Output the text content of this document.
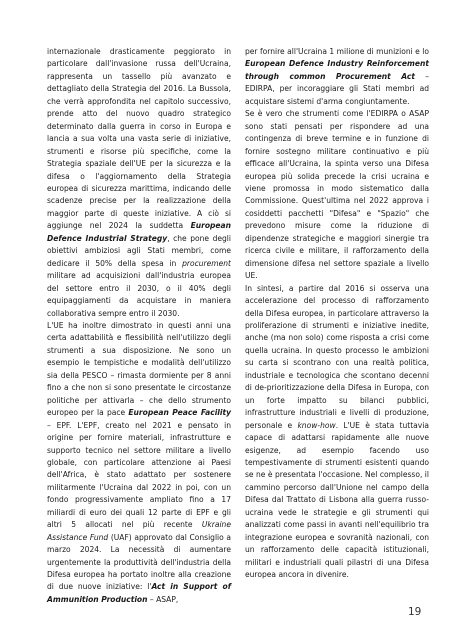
internazionale drasticamente peggiorato in particolare dall'invasione russa dell'Ucraina, rappresenta un tassello più avanzato e dettagliato della Strategia del 2016. La Bussola, che verrà approfondita nel capitolo successivo, prende atto del nuovo quadro strategico determinato dalla guerra in corso in Europa e lancia a sua volta una vasta serie di iniziative, strumenti e risorse più specifiche, come la Strategia spaziale dell'UE per la sicurezza e la difesa o l'aggiornamento della Strategia europea di sicurezza marittima, indicando delle scadenze precise per la realizzazione della maggior parte di queste iniziative. A ciò si aggiunge nel 2024 la suddetta European Defence Industrial Strategy, che pone degli obiettivi ambiziosi agli Stati membri, come dedicare il 50% della spesa in procurement militare ad acquisizioni dall'industria europea del settore entro il 2030, o il 40% degli equipaggiamenti da acquistare in maniera collaborativa sempre entro il 2030.

L'UE ha inoltre dimostrato in questi anni una certa adattabilità e flessibilità nell'utilizzo degli strumenti a sua disposizione. Ne sono un esempio le tempistiche e modalità dell'utilizzo sia della PESCO – rimasta dormiente per 8 anni fino a che non si sono presentate le circostanze politiche per attivarla – che dello strumento europeo per la pace European Peace Facility – EPF. L'EPF, creato nel 2021 e pensato in origine per fornire materiali, infrastrutture e supporto tecnico nel settore militare a livello globale, con particolare attenzione ai Paesi dell'Africa, è stato adattato per sostenere militarmente l'Ucraina dal 2022 in poi, con un fondo progressivamente ampliato fino a 17 miliardi di euro dei quali 12 parte di EPF e gli altri 5 allocati nel più recente Ukraine Assistance Fund (UAF) approvato dal Consiglio a marzo 2024. La necessità di aumentare urgentemente la produttività dell'industria della Difesa europea ha portato inoltre alla creazione di due nuove iniziative: l'Act in Support of Ammunition Production – ASAP,

per fornire all'Ucraina 1 milione di munizioni e lo European Defence Industry Reinforcement through common Procurement Act – EDIRPA, per incoraggiare gli Stati membri ad acquistare sistemi d'arma congiuntamente.

Se è vero che strumenti come l'EDIRPA o ASAP sono stati pensati per rispondere ad una contingenza di breve termine e in funzione di fornire sostegno militare continuativo e più efficace all'Ucraina, la spinta verso una Difesa europea più solida precede la crisi ucraina e viene promossa in modo sistematico dalla Commissione. Quest'ultima nel 2022 approva i cosiddetti pacchetti "Difesa" e "Spazio" che prevedono misure come la riduzione di dipendenze strategiche e maggiori sinergie tra ricerca civile e militare, il rafforzamento della dimensione difesa nel settore spaziale a livello UE.

In sintesi, a partire dal 2016 si osserva una accelerazione del processo di rafforzamento della Difesa europea, in particolare attraverso la proliferazione di strumenti e iniziative inedite, anche (ma non solo) come risposta a crisi come quella ucraina. In questo processo le ambizioni su carta si scontrano con una realtà politica, industriale e tecnologica che scontano decenni di de-prioritizzazione della Difesa in Europa, con un forte impatto su bilanci pubblici, infrastrutture industriali e livelli di produzione, personale e know-how. L'UE è stata tuttavia capace di adattarsi rapidamente alle nuove esigenze, ad esempio facendo uso tempestivamente di strumenti esistenti quando se ne è presentata l'occasione. Nel complesso, il cammino percorso dall'Unione nel campo della Difesa dal Trattato di Lisbona alla guerra russo-ucraina vede le strategie e gli strumenti qui analizzati come passi in avanti nell'equilibrio tra integrazione europea e sovranità nazionali, con un rafforzamento delle capacità istituzionali, militari e industriali quali pilastri di una Difesa europea ancora in divenire.

19
